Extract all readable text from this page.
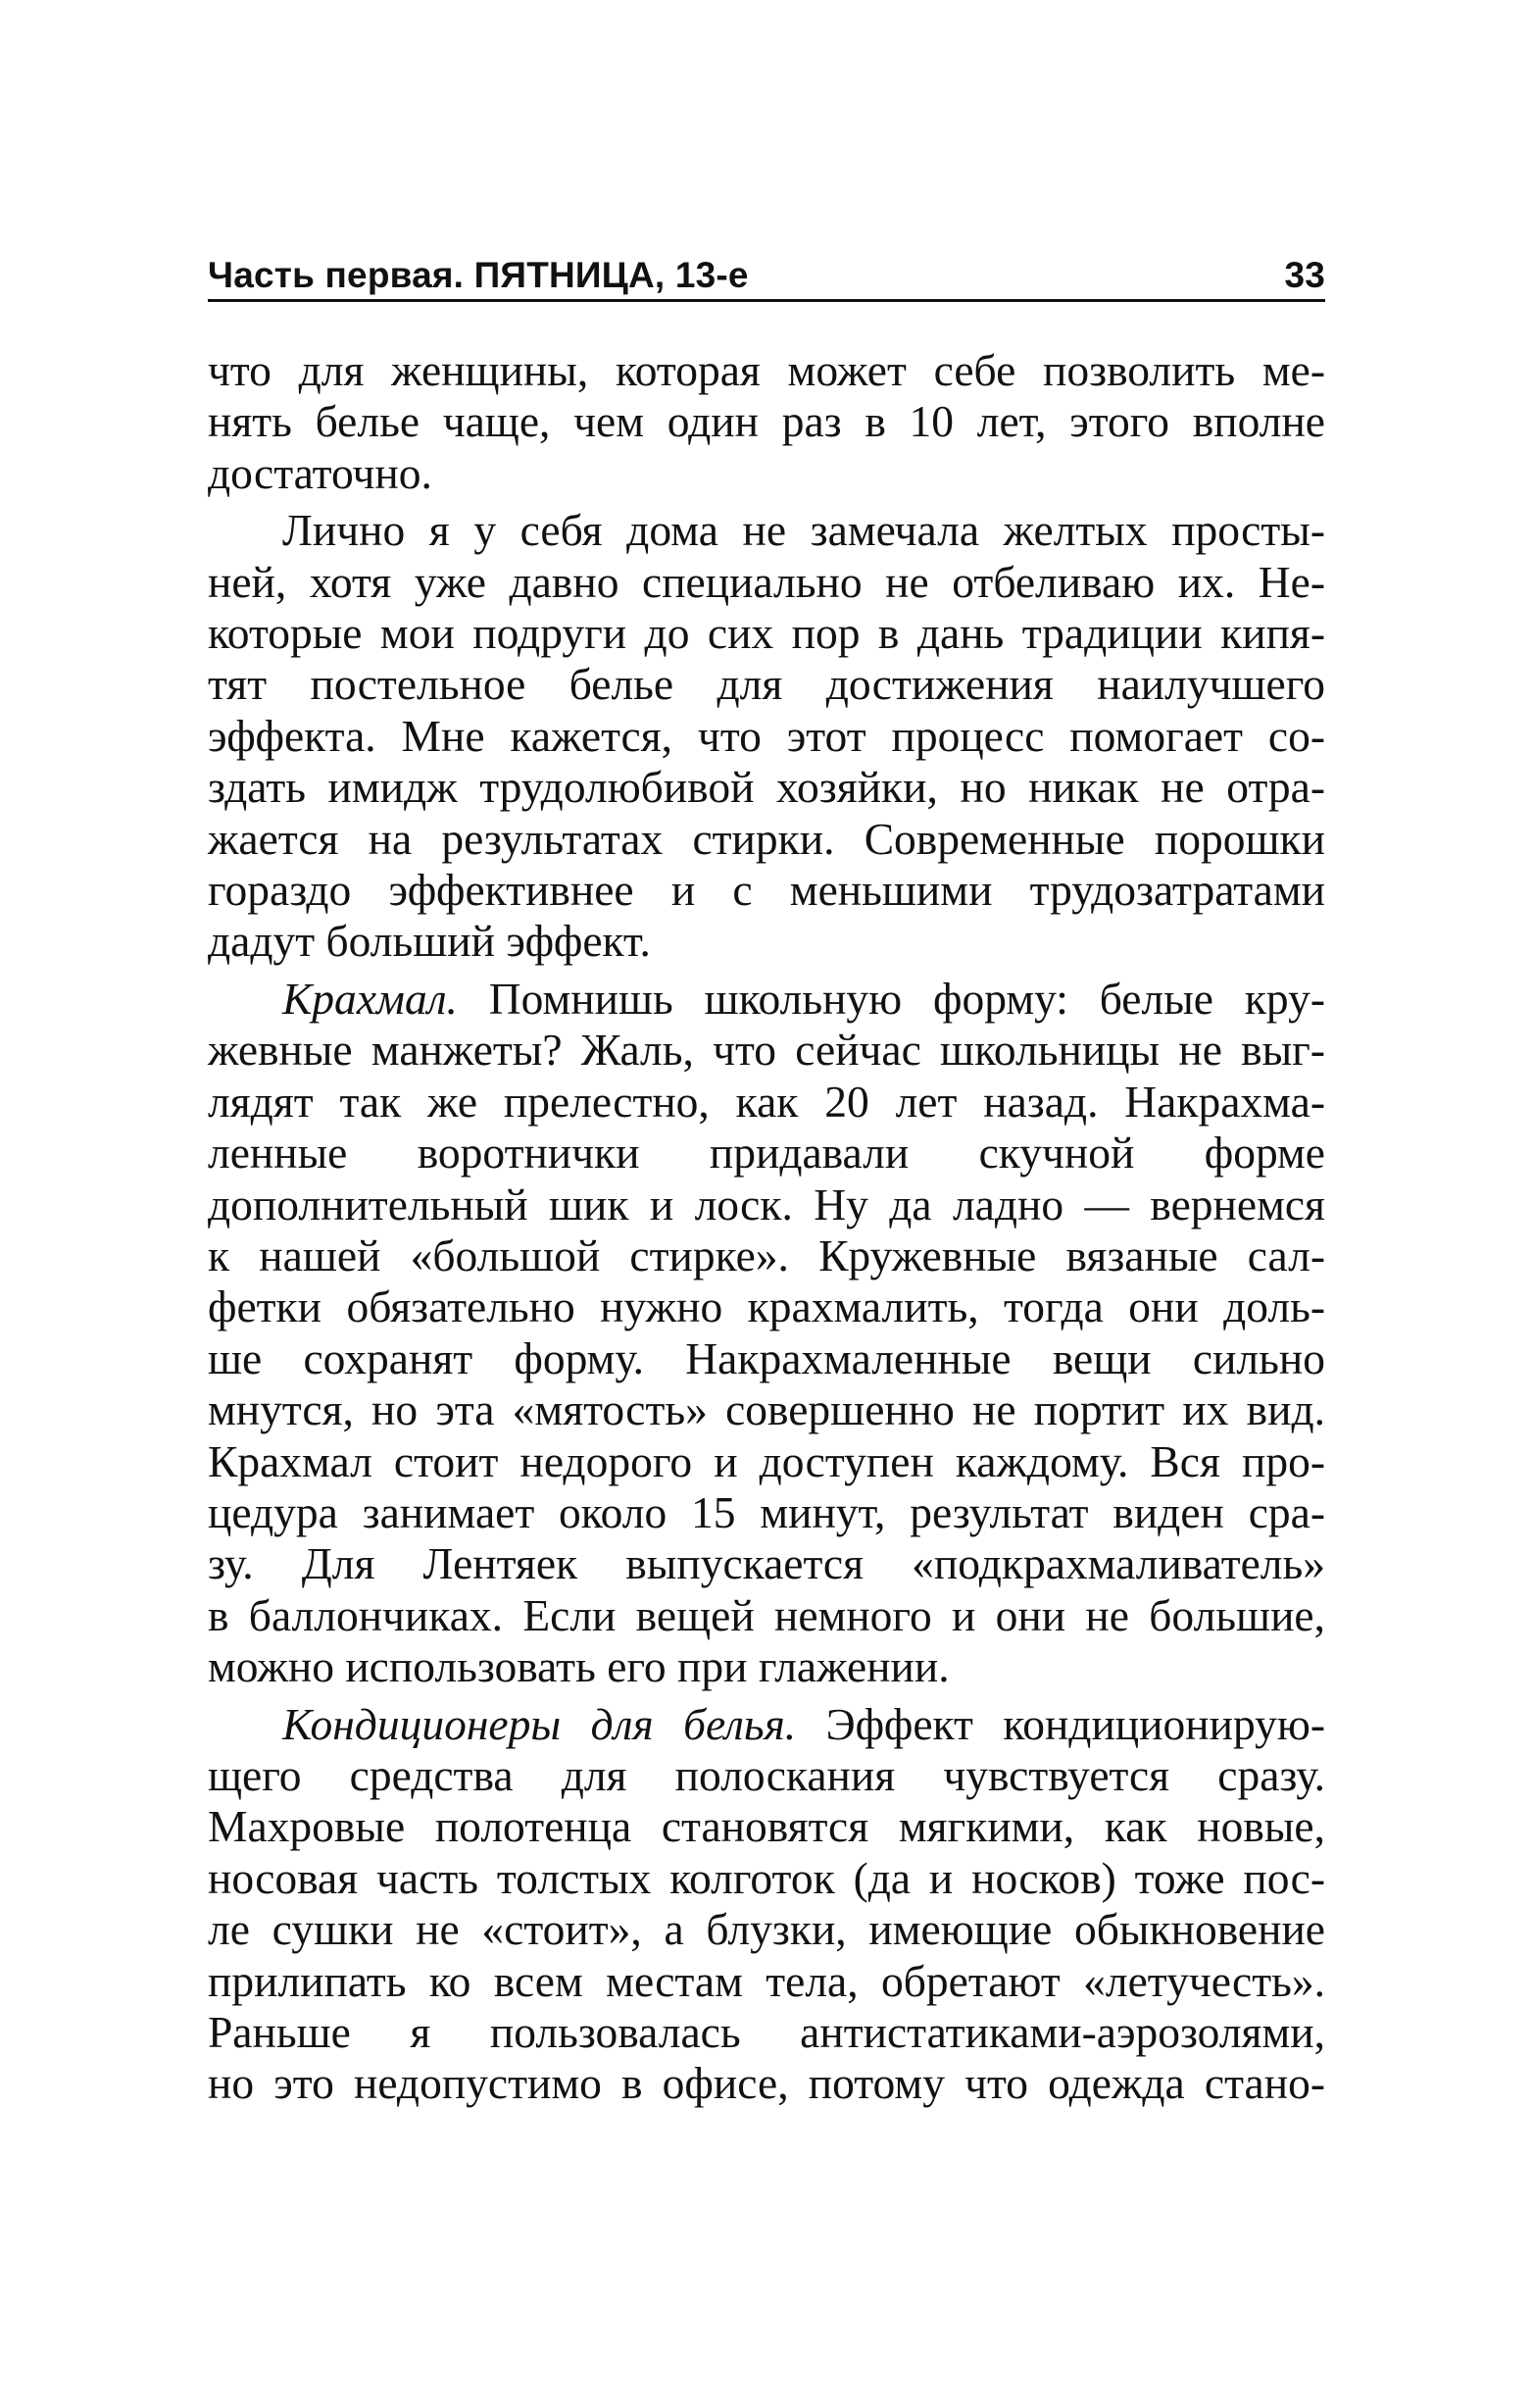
Часть первая. ПЯТНИЦА, 13-е	33

что для женщины, которая может себе позволить ме-
нять белье чаще, чем один раз в 10 лет, этого вполне
достаточно.

Лично я у себя дома не замечала желтых просты-
ней, хотя уже давно специально не отбеливаю их. Не-
которые мои подруги до сих пор в дань традиции кипя-
тят постельное белье для достижения наилучшего
эффекта. Мне кажется, что этот процесс помогает со-
здать имидж трудолюбивой хозяйки, но никак не отра-
жается на результатах стирки. Современные порошки
гораздо эффективнее и с меньшими трудозатратами
дадут больший эффект.

Крахмал. Помнишь школьную форму: белые кру-
жевные манжеты? Жаль, что сейчас школьницы не выг-
лядят так же прелестно, как 20 лет назад. Накрахма-
ленные воротнички придавали скучной форме
дополнительный шик и лоск. Ну да ладно — вернемся
к нашей «большой стирке». Кружевные вязаные сал-
фетки обязательно нужно крахмалить, тогда они доль-
ше сохранят форму. Накрахмаленные вещи сильно
мнутся, но эта «мятость» совершенно не портит их вид.
Крахмал стоит недорого и доступен каждому. Вся про-
цедура занимает около 15 минут, результат виден сра-
зу. Для Лентяек выпускается «подкрахмаливатель»
в баллончиках. Если вещей немного и они не большие,
можно использовать его при глажении.

Кондиционеры для белья. Эффект кондиционирую-
щего средства для полоскания чувствуется сразу.
Махровые полотенца становятся мягкими, как новые,
носовая часть толстых колготок (да и носков) тоже пос-
ле сушки не «стоит», а блузки, имеющие обыкновение
прилипать ко всем местам тела, обретают «летучесть».
Раньше я пользовалась антистатиками-аэрозолями,
но это недопустимо в офисе, потому что одежда стано-
